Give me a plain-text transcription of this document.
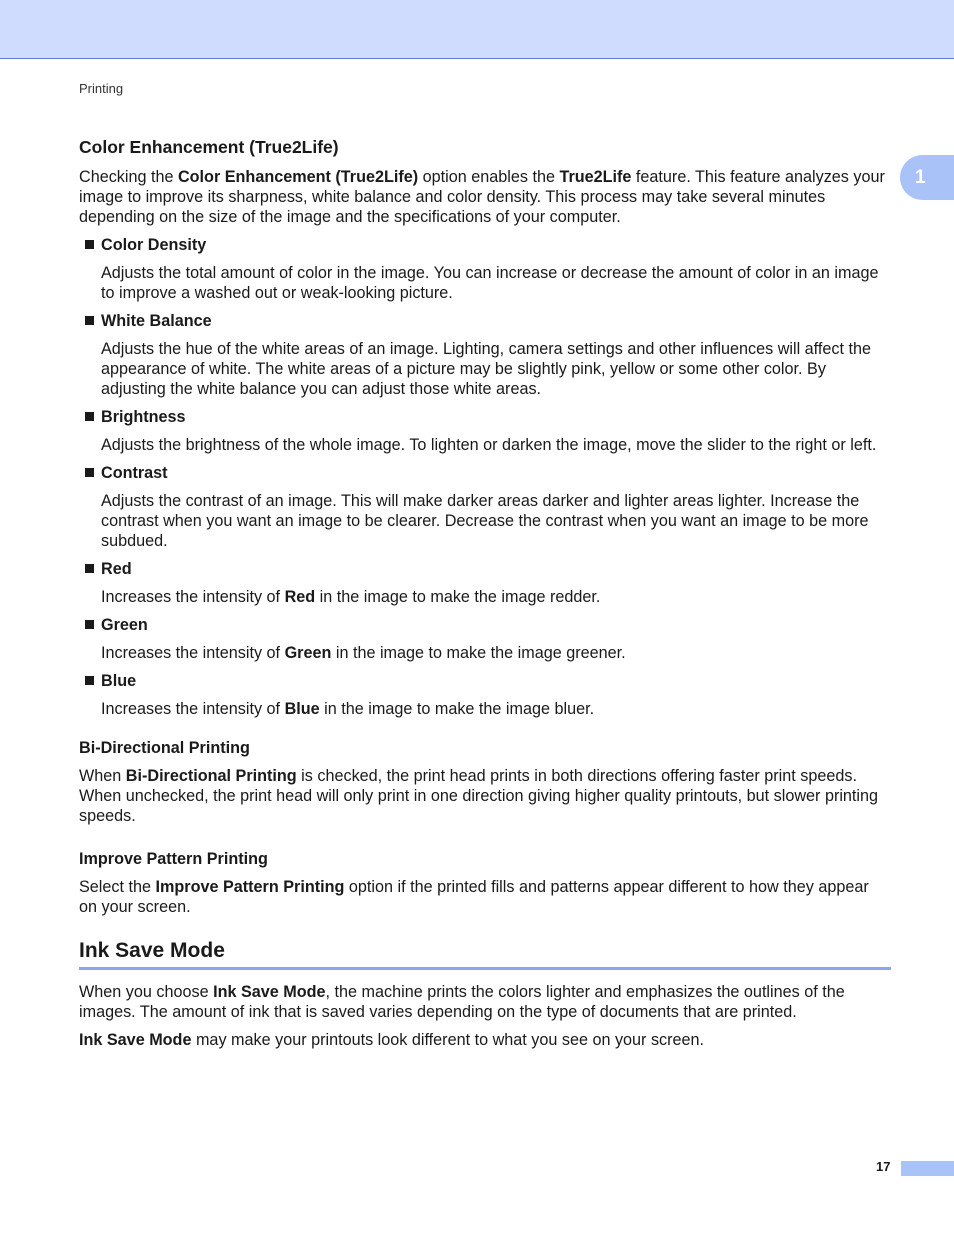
Printing
1
Color Enhancement (True2Life)

Checking the Color Enhancement (True2Life) option enables the True2Life feature. This feature analyzes your image to improve its sharpness, white balance and color density. This process may take several minutes depending on the size of the image and the specifications of your computer.

Color Density
Adjusts the total amount of color in the image. You can increase or decrease the amount of color in an image to improve a washed out or weak-looking picture.
White Balance
Adjusts the hue of the white areas of an image. Lighting, camera settings and other influences will affect the appearance of white. The white areas of a picture may be slightly pink, yellow or some other color. By adjusting the white balance you can adjust those white areas.
Brightness
Adjusts the brightness of the whole image. To lighten or darken the image, move the slider to the right or left.
Contrast
Adjusts the contrast of an image. This will make darker areas darker and lighter areas lighter. Increase the contrast when you want an image to be clearer. Decrease the contrast when you want an image to be more subdued.
Red
Increases the intensity of Red in the image to make the image redder.
Green
Increases the intensity of Green in the image to make the image greener.
Blue
Increases the intensity of Blue in the image to make the image bluer.
Bi-Directional Printing

When Bi-Directional Printing is checked, the print head prints in both directions offering faster print speeds. When unchecked, the print head will only print in one direction giving higher quality printouts, but slower printing speeds.

Improve Pattern Printing

Select the Improve Pattern Printing option if the printed fills and patterns appear different to how they appear on your screen.

Ink Save Mode

When you choose Ink Save Mode, the machine prints the colors lighter and emphasizes the outlines of the images. The amount of ink that is saved varies depending on the type of documents that are printed.

Ink Save Mode may make your printouts look different to what you see on your screen.

17
